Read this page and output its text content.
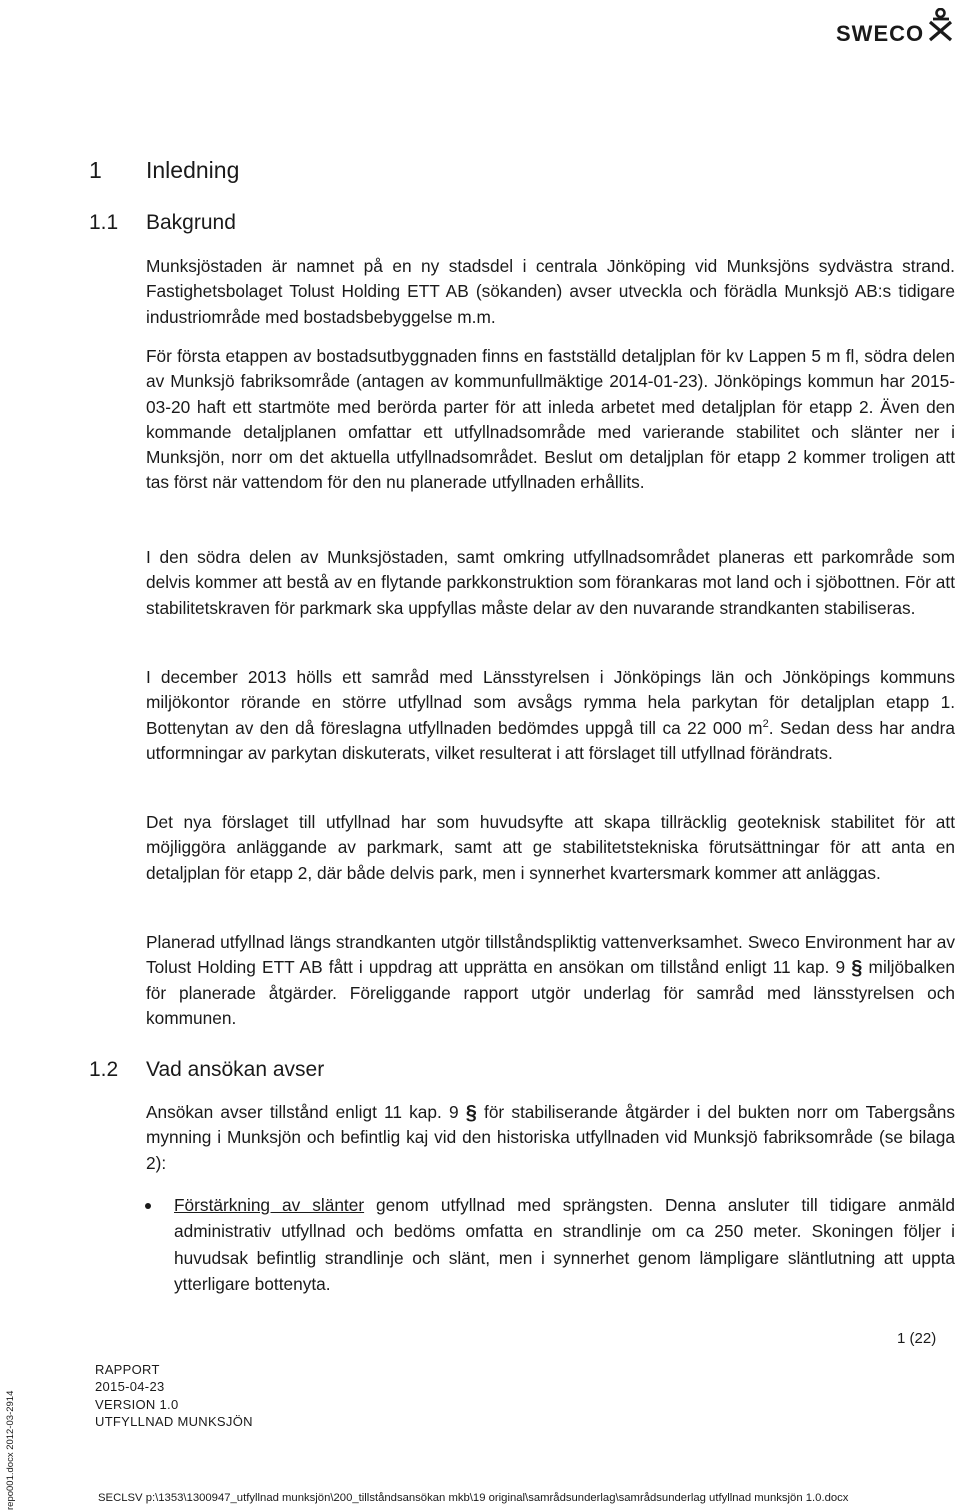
SWECO
1 Inledning
1.1 Bakgrund
Munksjöstaden är namnet på en ny stadsdel i centrala Jönköping vid Munksjöns sydvästra strand. Fastighetsbolaget Tolust Holding ETT AB (sökanden) avser utveckla och förädla Munksjö AB:s tidigare industriområde med bostadsbebyggelse m.m.
För första etappen av bostadsutbyggnaden finns en fastställd detaljplan för kv Lappen 5 m fl, södra delen av Munksjö fabriksområde (antagen av kommunfullmäktige 2014-01-23). Jönköpings kommun har 2015-03-20 haft ett startmöte med berörda parter för att inleda arbetet med detaljplan för etapp 2. Även den kommande detaljplanen omfattar ett utfyllnadsområde med varierande stabilitet och slänter ner i Munksjön, norr om det aktuella utfyllnadsområdet. Beslut om detaljplan för etapp 2 kommer troligen att tas först när vattendom för den nu planerade utfyllnaden erhållits.
I den södra delen av Munksjöstaden, samt omkring utfyllnadsområdet planeras ett parkområde som delvis kommer att bestå av en flytande parkkonstruktion som förankaras mot land och i sjöbottnen. För att stabilitetskraven för parkmark ska uppfyllas måste delar av den nuvarande strandkanten stabiliseras.
I december 2013 hölls ett samråd med Länsstyrelsen i Jönköpings län och Jönköpings kommuns miljökontor rörande en större utfyllnad som avsågs rymma hela parkytan för detaljplan etapp 1. Bottenytan av den då föreslagna utfyllnaden bedömdes uppgå till ca 22 000 $m^2$. Sedan dess har andra utformningar av parkytan diskuterats, vilket resulterat i att förslaget till utfyllnad förändrats.
Det nya förslaget till utfyllnad har som huvudsyfte att skapa tillräcklig geoteknisk stabilitet för att möjliggöra anläggande av parkmark, samt att ge stabilitetstekniska förutsättningar för att anta en detaljplan för etapp 2, där både delvis park, men i synnerhet kvartersmark kommer att anläggas.
Planerad utfyllnad längs strandkanten utgör tillståndspliktig vattenverksamhet. Sweco Environment har av Tolust Holding ETT AB fått i uppdrag att upprätta en ansökan om tillstånd enligt 11 kap. 9 § miljöbalken för planerade åtgärder. Föreliggande rapport utgör underlag för samråd med länsstyrelsen och kommunen.
1.2 Vad ansökan avser
Ansökan avser tillstånd enligt 11 kap. 9 § för stabiliserande åtgärder i del bukten norr om Tabergsåns mynning i Munksjön och befintlig kaj vid den historiska utfyllnaden vid Munksjö fabriksområde (se bilaga 2):
Förstärkning av slänter genom utfyllnad med sprängsten. Denna ansluter till tidigare anmäld administrativ utfyllnad och bedöms omfatta en strandlinje om ca 250 meter. Skoningen följer i huvudsak befintlig strandlinje och slänt, men i synnerhet genom lämpligare släntlutning att uppta ytterligare bottenyta.
1 (22)
RAPPORT
2015-04-23
VERSION 1.0
UTFYLLNAD MUNKSJÖN
SECLSV p:\1353\1300947_utfyllnad munksjön\200_tillståndsansökan mkb\19 original\samrådsunderlag\samrådsunderlag utfyllnad munksjön 1.0.docx
repo001.docx 2012-03-2914
